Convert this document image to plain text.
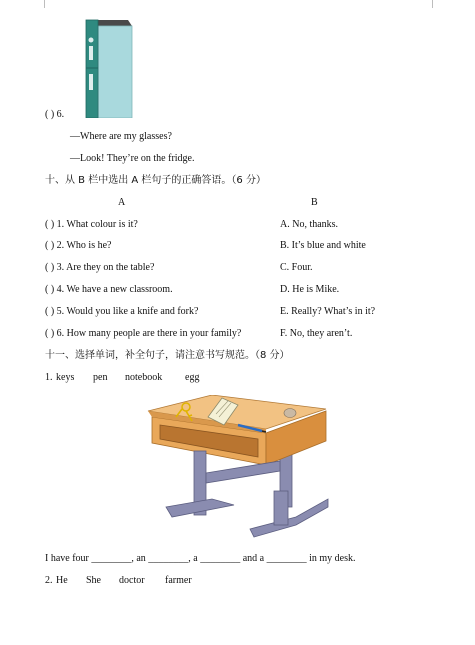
( ) 6.
—Where are my glasses?
—Look! They’re on the fridge.
十、从 B 栏中选出 A 栏句子的正确答语。（6 分）
A	B
( ) 1. What colour is it?	A. No, thanks.
( ) 2. Who is he?	B. It’s blue and white
( ) 3. Are they on the table?	C. Four.
( ) 4. We have a new classroom.	D. He is Mike.
( ) 5. Would you like a knife and fork?	E. Really? What’s in it?
( ) 6. How many people are there in your family?	F. No, they aren’t.
十一、选择单词，补全句子，请注意书写规范。（8 分）
1. keys pen notebook egg
I have four ________, an ________, a ________ and a ________ in my desk.
2. He She doctor farmer
